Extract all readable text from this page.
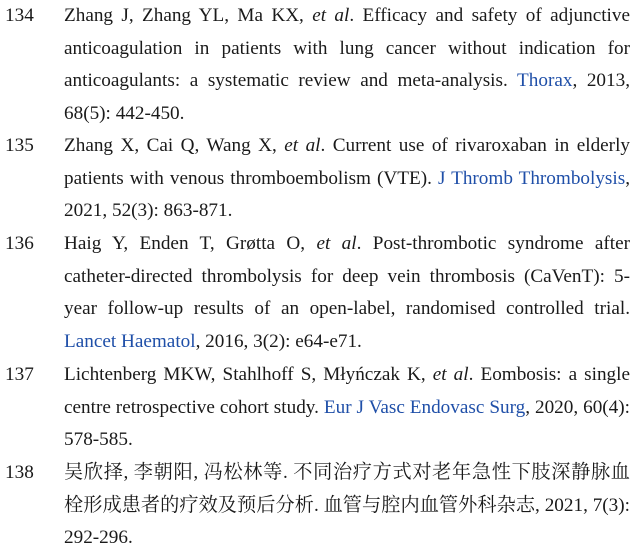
134 Zhang J, Zhang YL, Ma KX, et al. Efficacy and safety of adjunctive anticoagulation in patients with lung cancer without indication for anticoagulants: a systematic review and meta-analysis. Thorax, 2013, 68(5): 442-450.
135 Zhang X, Cai Q, Wang X, et al. Current use of rivaroxaban in elderly patients with venous thromboembolism (VTE). J Thromb Thrombolysis, 2021, 52(3): 863-871.
136 Haig Y, Enden T, Grøtta O, et al. Post-thrombotic syndrome after catheter-directed thrombolysis for deep vein thrombosis (CaVenT): 5-year follow-up results of an open-label, randomised controlled trial. Lancet Haematol, 2016, 3(2): e64-e71.
137 Lichtenberg MKW, Stahlhoff S, Młyńczak K, et al. Eombosis: a single centre retrospective cohort study. Eur J Vasc Endovasc Surg, 2020, 60(4): 578-585.
138 吴欣择, 李朝阳, 冯松林等. 不同治疗方式对老年急性下肢深静脉血栓形成患者的疗效及预后分析. 血管与腔内血管外科杂志, 2021, 7(3): 292-296.
